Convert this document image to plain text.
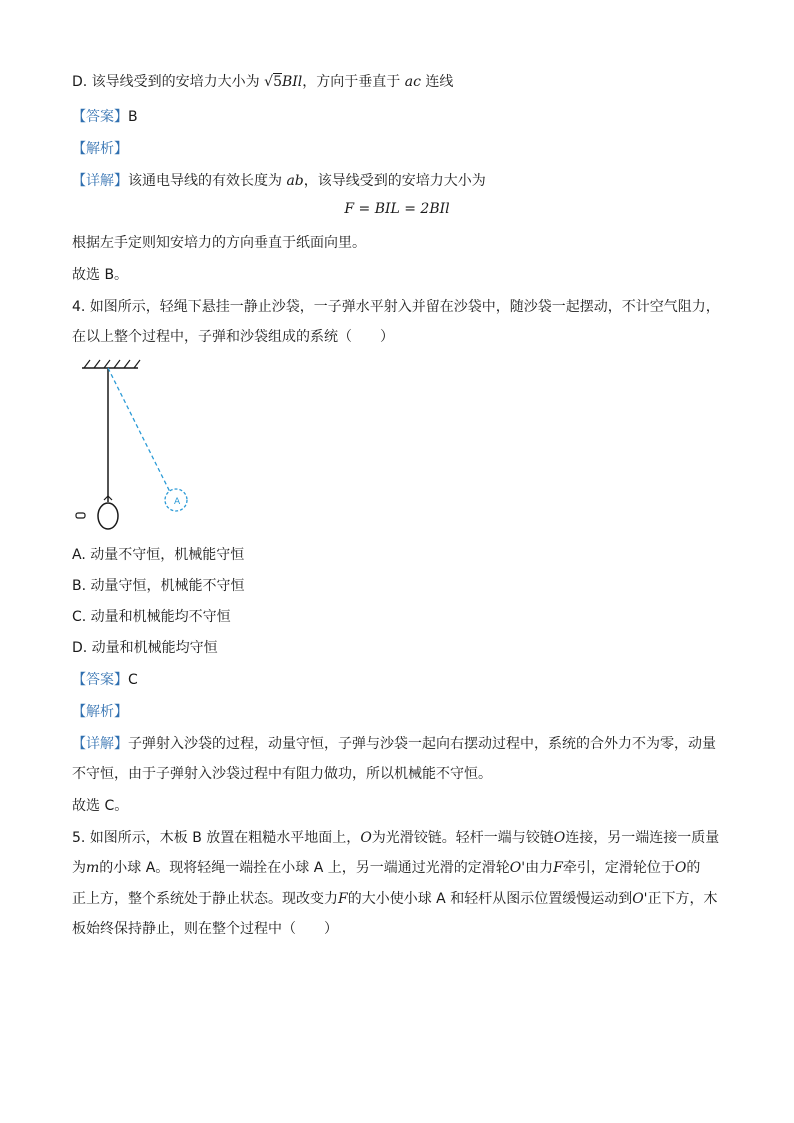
D. 该导线受到的安培力大小为 √5BIl，方向于垂直于 ac 连线
【答案】B
【解析】
【详解】该通电导线的有效长度为 ab，该导线受到的安培力大小为
F = BIL = 2BIl
根据左手定则知安培力的方向垂直于纸面向里。
故选 B。
4. 如图所示，轻绳下悬挂一静止沙袋，一子弹水平射入并留在沙袋中，随沙袋一起摆动，不计空气阻力，
在以上整个过程中，子弹和沙袋组成的系统（　　）
A
A. 动量不守恒，机械能守恒
B. 动量守恒，机械能不守恒
C. 动量和机械能均不守恒
D. 动量和机械能均守恒
【答案】C
【解析】
【详解】子弹射入沙袋的过程，动量守恒，子弹与沙袋一起向右摆动过程中，系统的合外力不为零，动量
不守恒，由于子弹射入沙袋过程中有阻力做功，所以机械能不守恒。
故选 C。
5. 如图所示，木板 B 放置在粗糙水平地面上，O为光滑铰链。轻杆一端与铰链O连接，另一端连接一质量
为m的小球 A。现将轻绳一端拴在小球 A 上，另一端通过光滑的定滑轮O'由力F牵引，定滑轮位于O的
正上方，整个系统处于静止状态。现改变力F的大小使小球 A 和轻杆从图示位置缓慢运动到O'正下方，木
板始终保持静止，则在整个过程中（　　）
